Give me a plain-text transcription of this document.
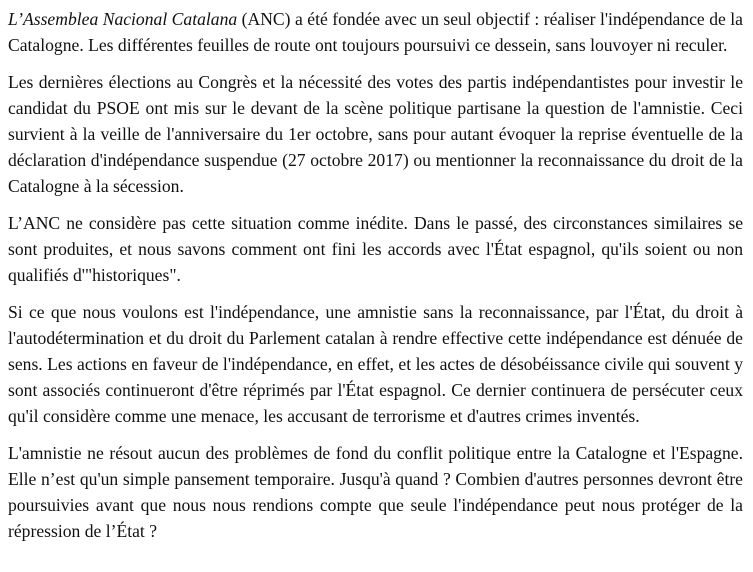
L’Assemblea Nacional Catalana (ANC) a été fondée avec un seul objectif : réaliser l'indépendance de la Catalogne. Les différentes feuilles de route ont toujours poursuivi ce dessein, sans louvoyer ni reculer.

Les dernières élections au Congrès et la nécessité des votes des partis indépendantistes pour investir le candidat du PSOE ont mis sur le devant de la scène politique partisane la question de l'amnistie. Ceci survient à la veille de l'anniversaire du 1er octobre, sans pour autant évoquer la reprise éventuelle de la déclaration d'indépendance suspendue (27 octobre 2017) ou mentionner la reconnaissance du droit de la Catalogne à la sécession.

L’ANC ne considère pas cette situation comme inédite. Dans le passé, des circonstances similaires se sont produites, et nous savons comment ont fini les accords avec l'État espagnol, qu'ils soient ou non qualifiés d'"historiques".

Si ce que nous voulons est l'indépendance, une amnistie sans la reconnaissance, par l'État, du droit à l'autodétermination et du droit du Parlement catalan à rendre effective cette indépendance est dénuée de sens. Les actions en faveur de l'indépendance, en effet, et les actes de désobéissance civile qui souvent y sont associés continueront d'être réprimés par l'État espagnol. Ce dernier continuera de persécuter ceux qu'il considère comme une menace, les accusant de terrorisme et d'autres crimes inventés.

L'amnistie ne résout aucun des problèmes de fond du conflit politique entre la Catalogne et l'Espagne. Elle n’est qu'un simple pansement temporaire. Jusqu'à quand ? Combien d'autres personnes devront être poursuivies avant que nous nous rendions compte que seule l'indépendance peut nous protéger de la répression de l’État ?
